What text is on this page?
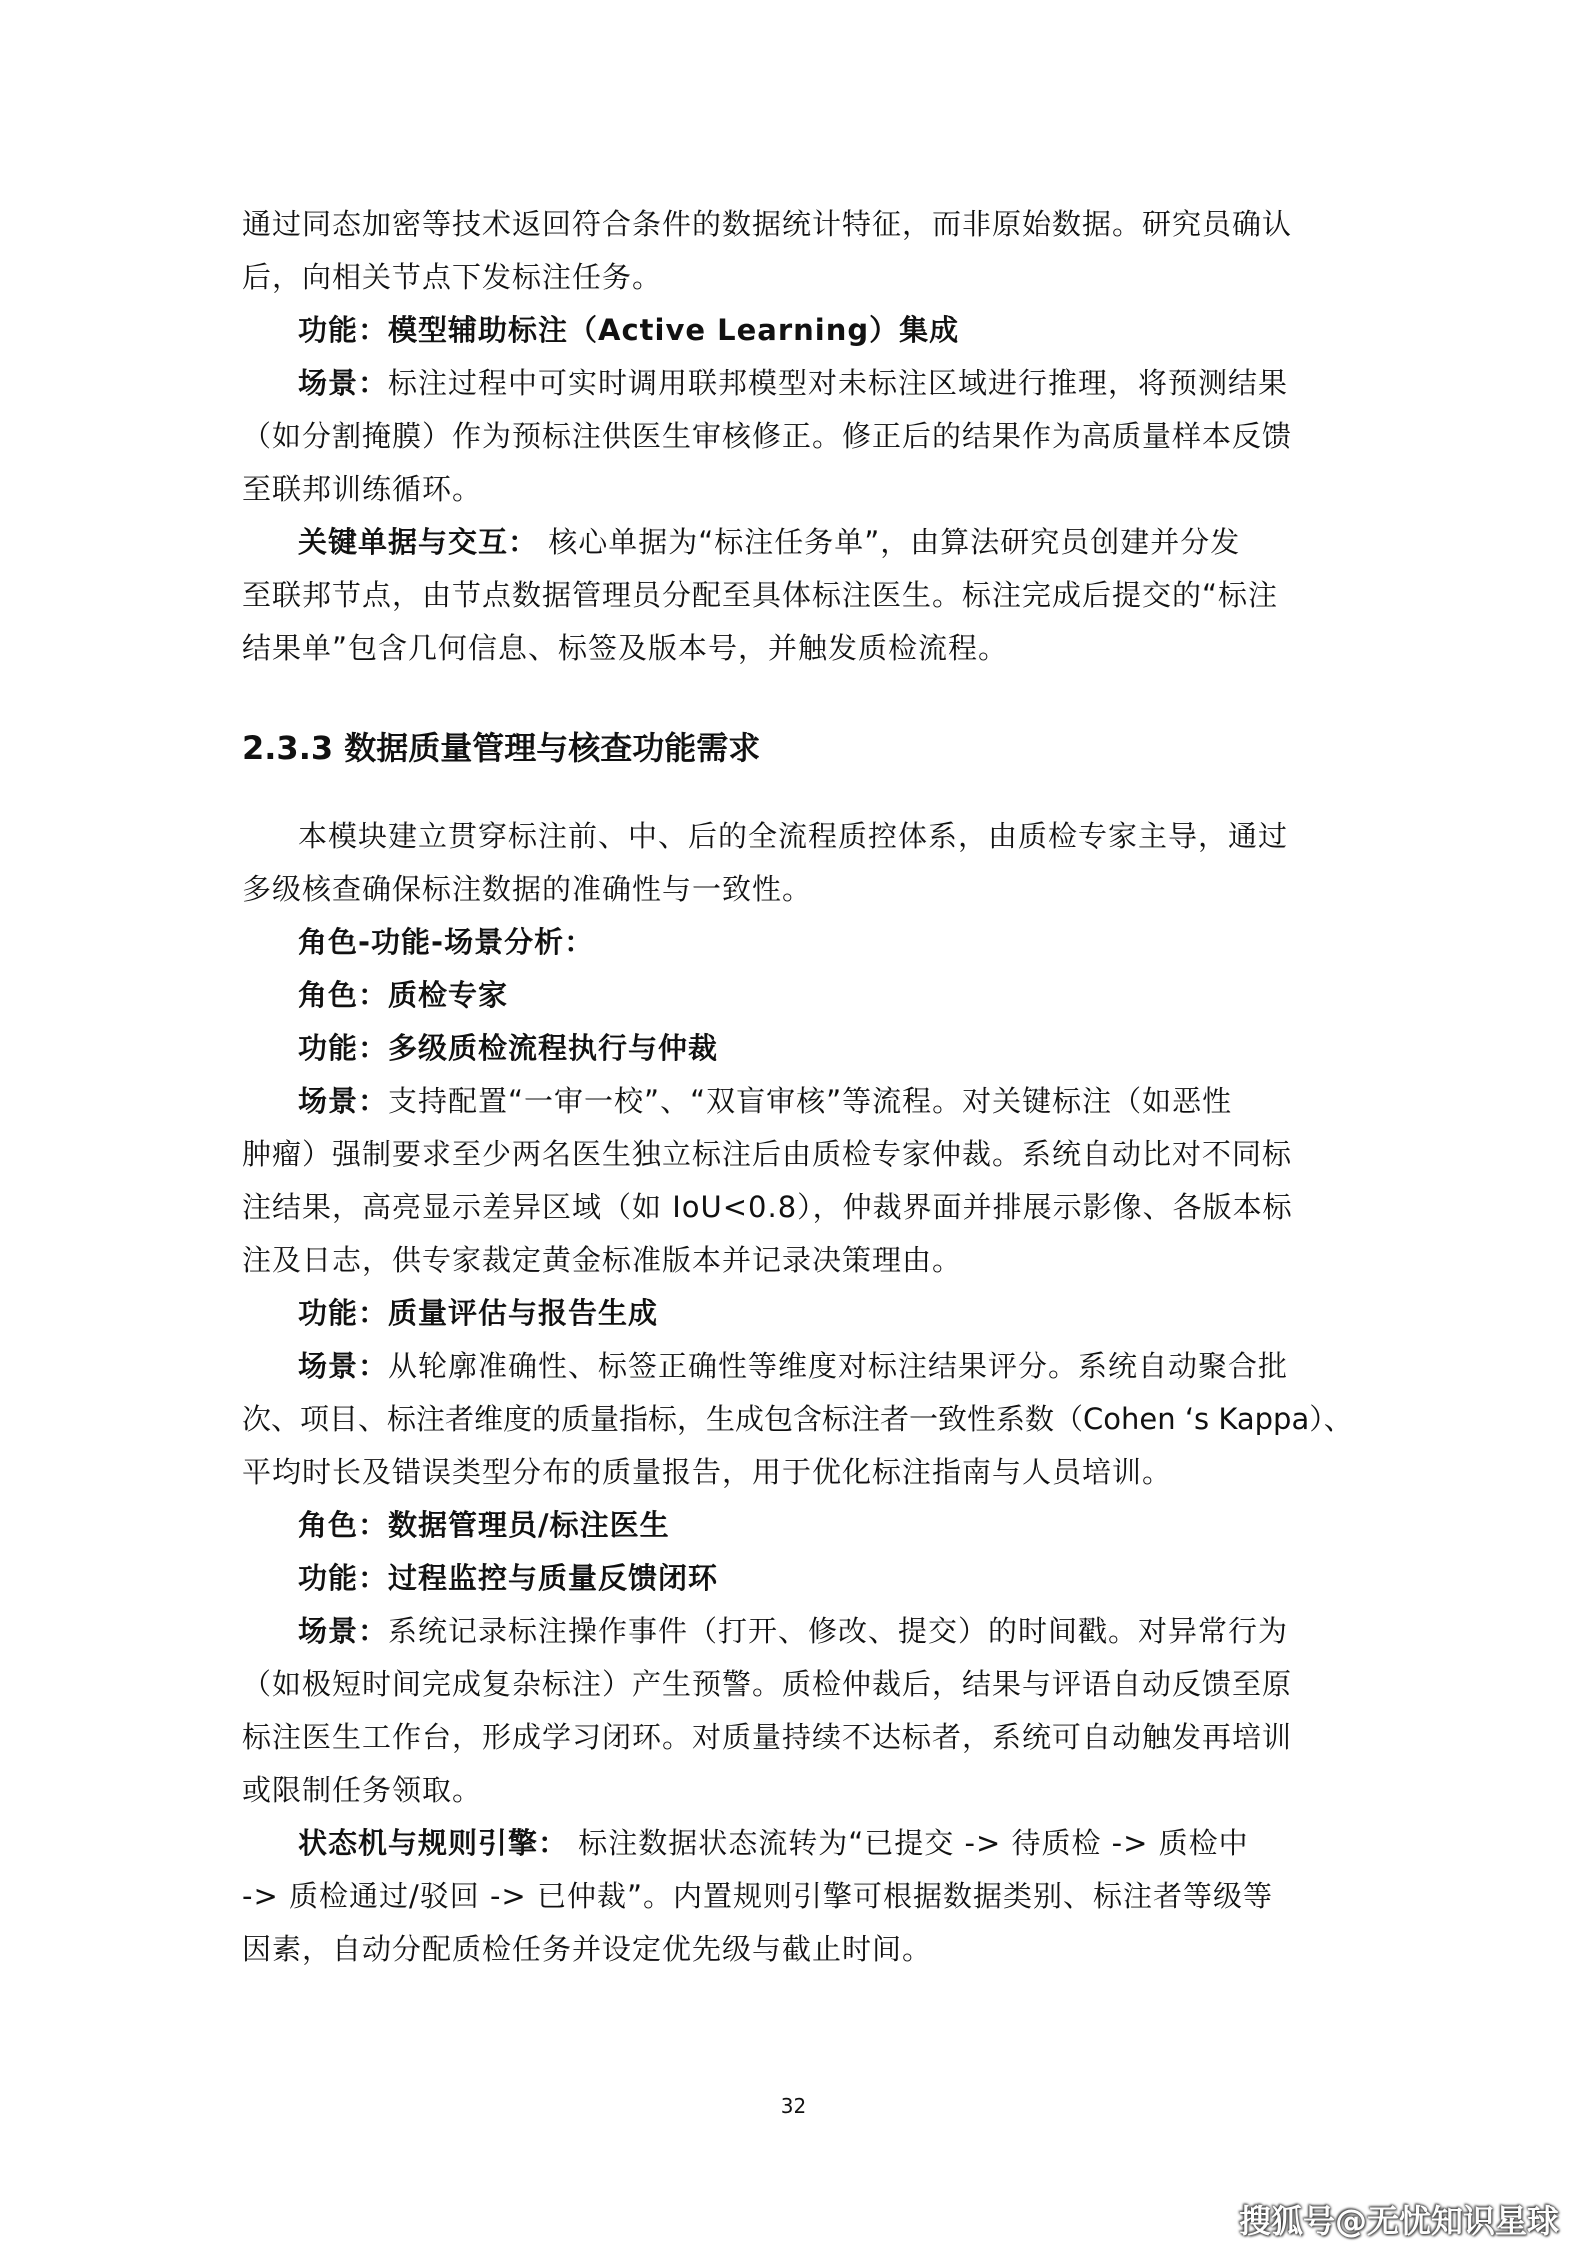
通过同态加密等技术返回符合条件的数据统计特征，而非原始数据。研究员确认
后，向相关节点下发标注任务。
功能：模型辅助标注（Active Learning）集成
场景：标注过程中可实时调用联邦模型对未标注区域进行推理，将预测结果
（如分割掩膜）作为预标注供医生审核修正。修正后的结果作为高质量样本反馈
至联邦训练循环。
关键单据与交互： 核心单据为“标注任务单”，由算法研究员创建并分发
至联邦节点，由节点数据管理员分配至具体标注医生。标注完成后提交的“标注
结果单”包含几何信息、标签及版本号，并触发质检流程。
2.3.3 数据质量管理与核查功能需求
本模块建立贯穿标注前、中、后的全流程质控体系，由质检专家主导，通过
多级核查确保标注数据的准确性与一致性。
角色-功能-场景分析：
角色：质检专家
功能：多级质检流程执行与仲裁
场景：支持配置“一审一校”、“双盲审核”等流程。对关键标注（如恶性
肿瘤）强制要求至少两名医生独立标注后由质检专家仲裁。系统自动比对不同标
注结果，高亮显示差异区域（如 IoU<0.8），仲裁界面并排展示影像、各版本标
注及日志，供专家裁定黄金标准版本并记录决策理由。
功能：质量评估与报告生成
场景：从轮廓准确性、标签正确性等维度对标注结果评分。系统自动聚合批
次、项目、标注者维度的质量指标，生成包含标注者一致性系数（Cohen ‘s Kappa）、
平均时长及错误类型分布的质量报告，用于优化标注指南与人员培训。
角色：数据管理员/标注医生
功能：过程监控与质量反馈闭环
场景：系统记录标注操作事件（打开、修改、提交）的时间戳。对异常行为
（如极短时间完成复杂标注）产生预警。质检仲裁后，结果与评语自动反馈至原
标注医生工作台，形成学习闭环。对质量持续不达标者，系统可自动触发再培训
或限制任务领取。
状态机与规则引擎： 标注数据状态流转为“已提交 -> 待质检 -> 质检中
-> 质检通过/驳回 -> 已仲裁”。内置规则引擎可根据数据类别、标注者等级等
因素，自动分配质检任务并设定优先级与截止时间。
32
搜狐号@无忧知识星球
